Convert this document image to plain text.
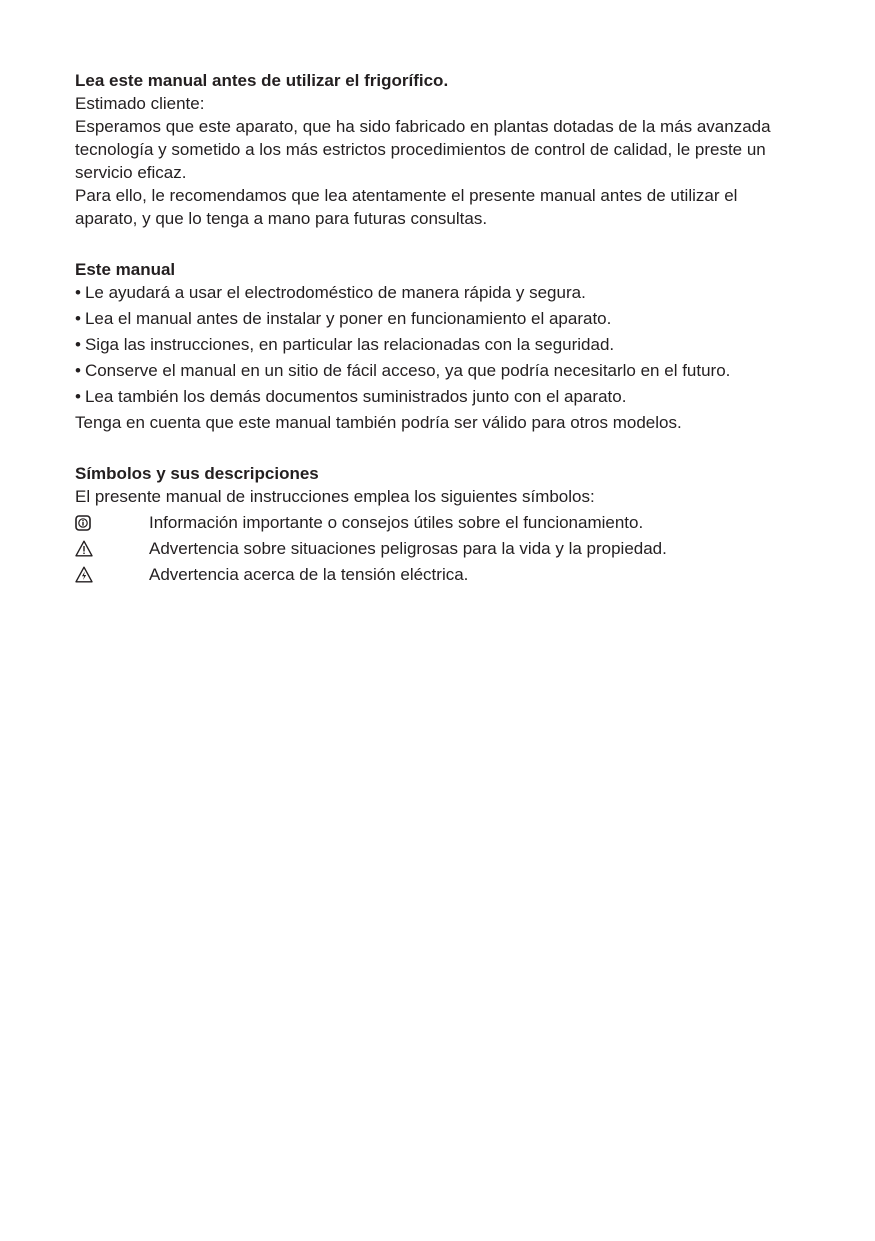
Lea este manual antes de utilizar el frigorífico.

Estimado cliente:

Esperamos que este aparato, que ha sido fabricado en plantas dotadas de la más avanzada tecnología y sometido a los más estrictos procedimientos de control de calidad, le preste un servicio eficaz.

Para ello, le recomendamos que lea atentamente el presente manual antes de utilizar el aparato, y que lo tenga a mano para futuras consultas.

Este manual

• Le ayudará a usar el electrodoméstico de manera rápida y segura.
• Lea el manual antes de instalar y poner en funcionamiento el aparato.
• Siga las instrucciones, en particular las relacionadas con la seguridad.
• Conserve el manual en un sitio de fácil acceso, ya que podría necesitarlo en el futuro.
• Lea también los demás documentos suministrados junto con el aparato.

Tenga en cuenta que este manual también podría ser válido para otros modelos.

Símbolos y sus descripciones

El presente manual de instrucciones emplea los siguientes símbolos:

Información importante o consejos útiles sobre el funcionamiento.
Advertencia sobre situaciones peligrosas para la vida y la propiedad.
Advertencia acerca de la tensión eléctrica.
